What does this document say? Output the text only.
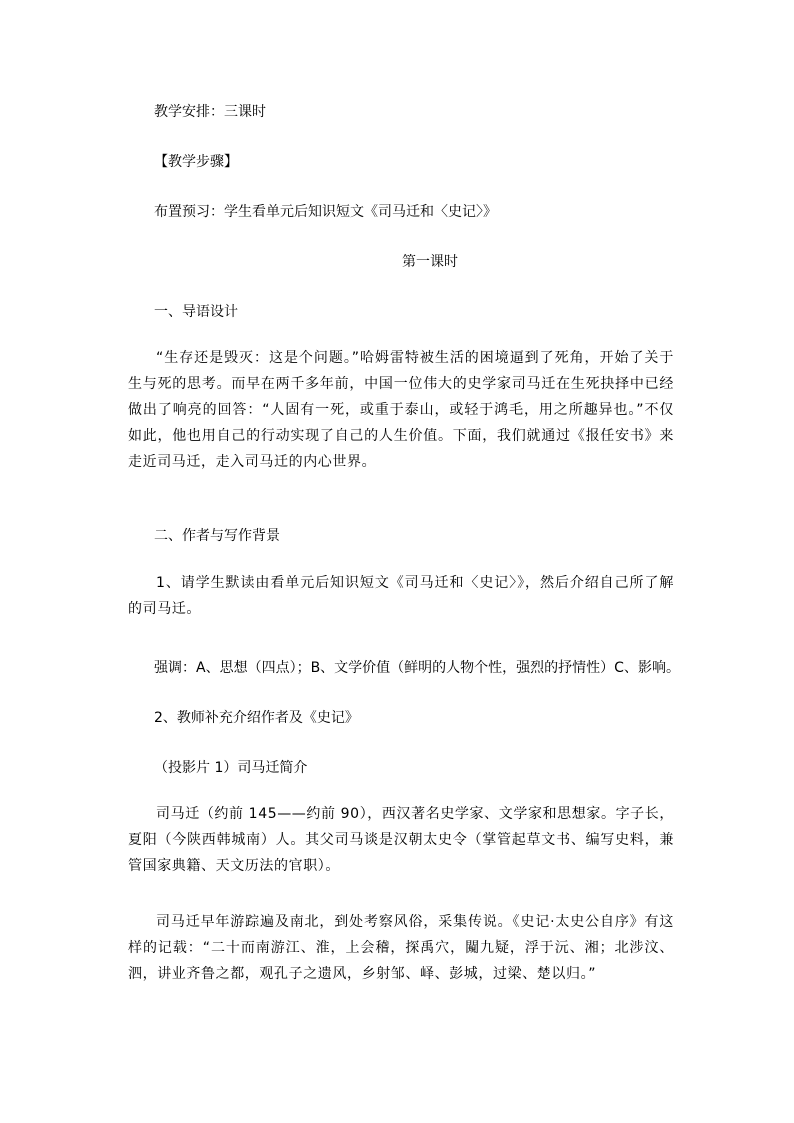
教学安排：三课时
【教学步骤】
布置预习：学生看单元后知识短文《司马迁和〈史记〉》
第一课时
一、导语设计
“生存还是毁灭：这是个问题。”哈姆雷特被生活的困境逼到了死角，开始了关于生与死的思考。而早在两千多年前，中国一位伟大的史学家司马迁在生死抉择中已经做出了响亮的回答：“人固有一死，或重于泰山，或轻于鸿毛，用之所趣异也。”不仅如此，他也用自己的行动实现了自己的人生价值。下面，我们就通过《报任安书》来走近司马迁，走入司马迁的内心世界。
二、作者与写作背景
1、请学生默读由看单元后知识短文《司马迁和〈史记〉》，然后介绍自己所了解的司马迁。
强调：A、思想（四点）；B、文学价值（鲜明的人物个性，强烈的抒情性）C、影响。
2、教师补充介绍作者及《史记》
（投影片 1）司马迁简介
司马迁（约前 145——约前 90），西汉著名史学家、文学家和思想家。字子长，夏阳（今陕西韩城南）人。其父司马谈是汉朝太史令（掌管起草文书、编写史料，兼管国家典籍、天文历法的官职）。
司马迁早年游踪遍及南北，到处考察风俗，采集传说。《史记·太史公自序》有这样的记载：“二十而南游江、淮，上会稽，探禹穴，闚九疑，浮于沅、湘；北涉汶、泗，讲业齐鲁之都，观孔子之遗风，乡射邹、峄、彭城，过梁、楚以归。”
